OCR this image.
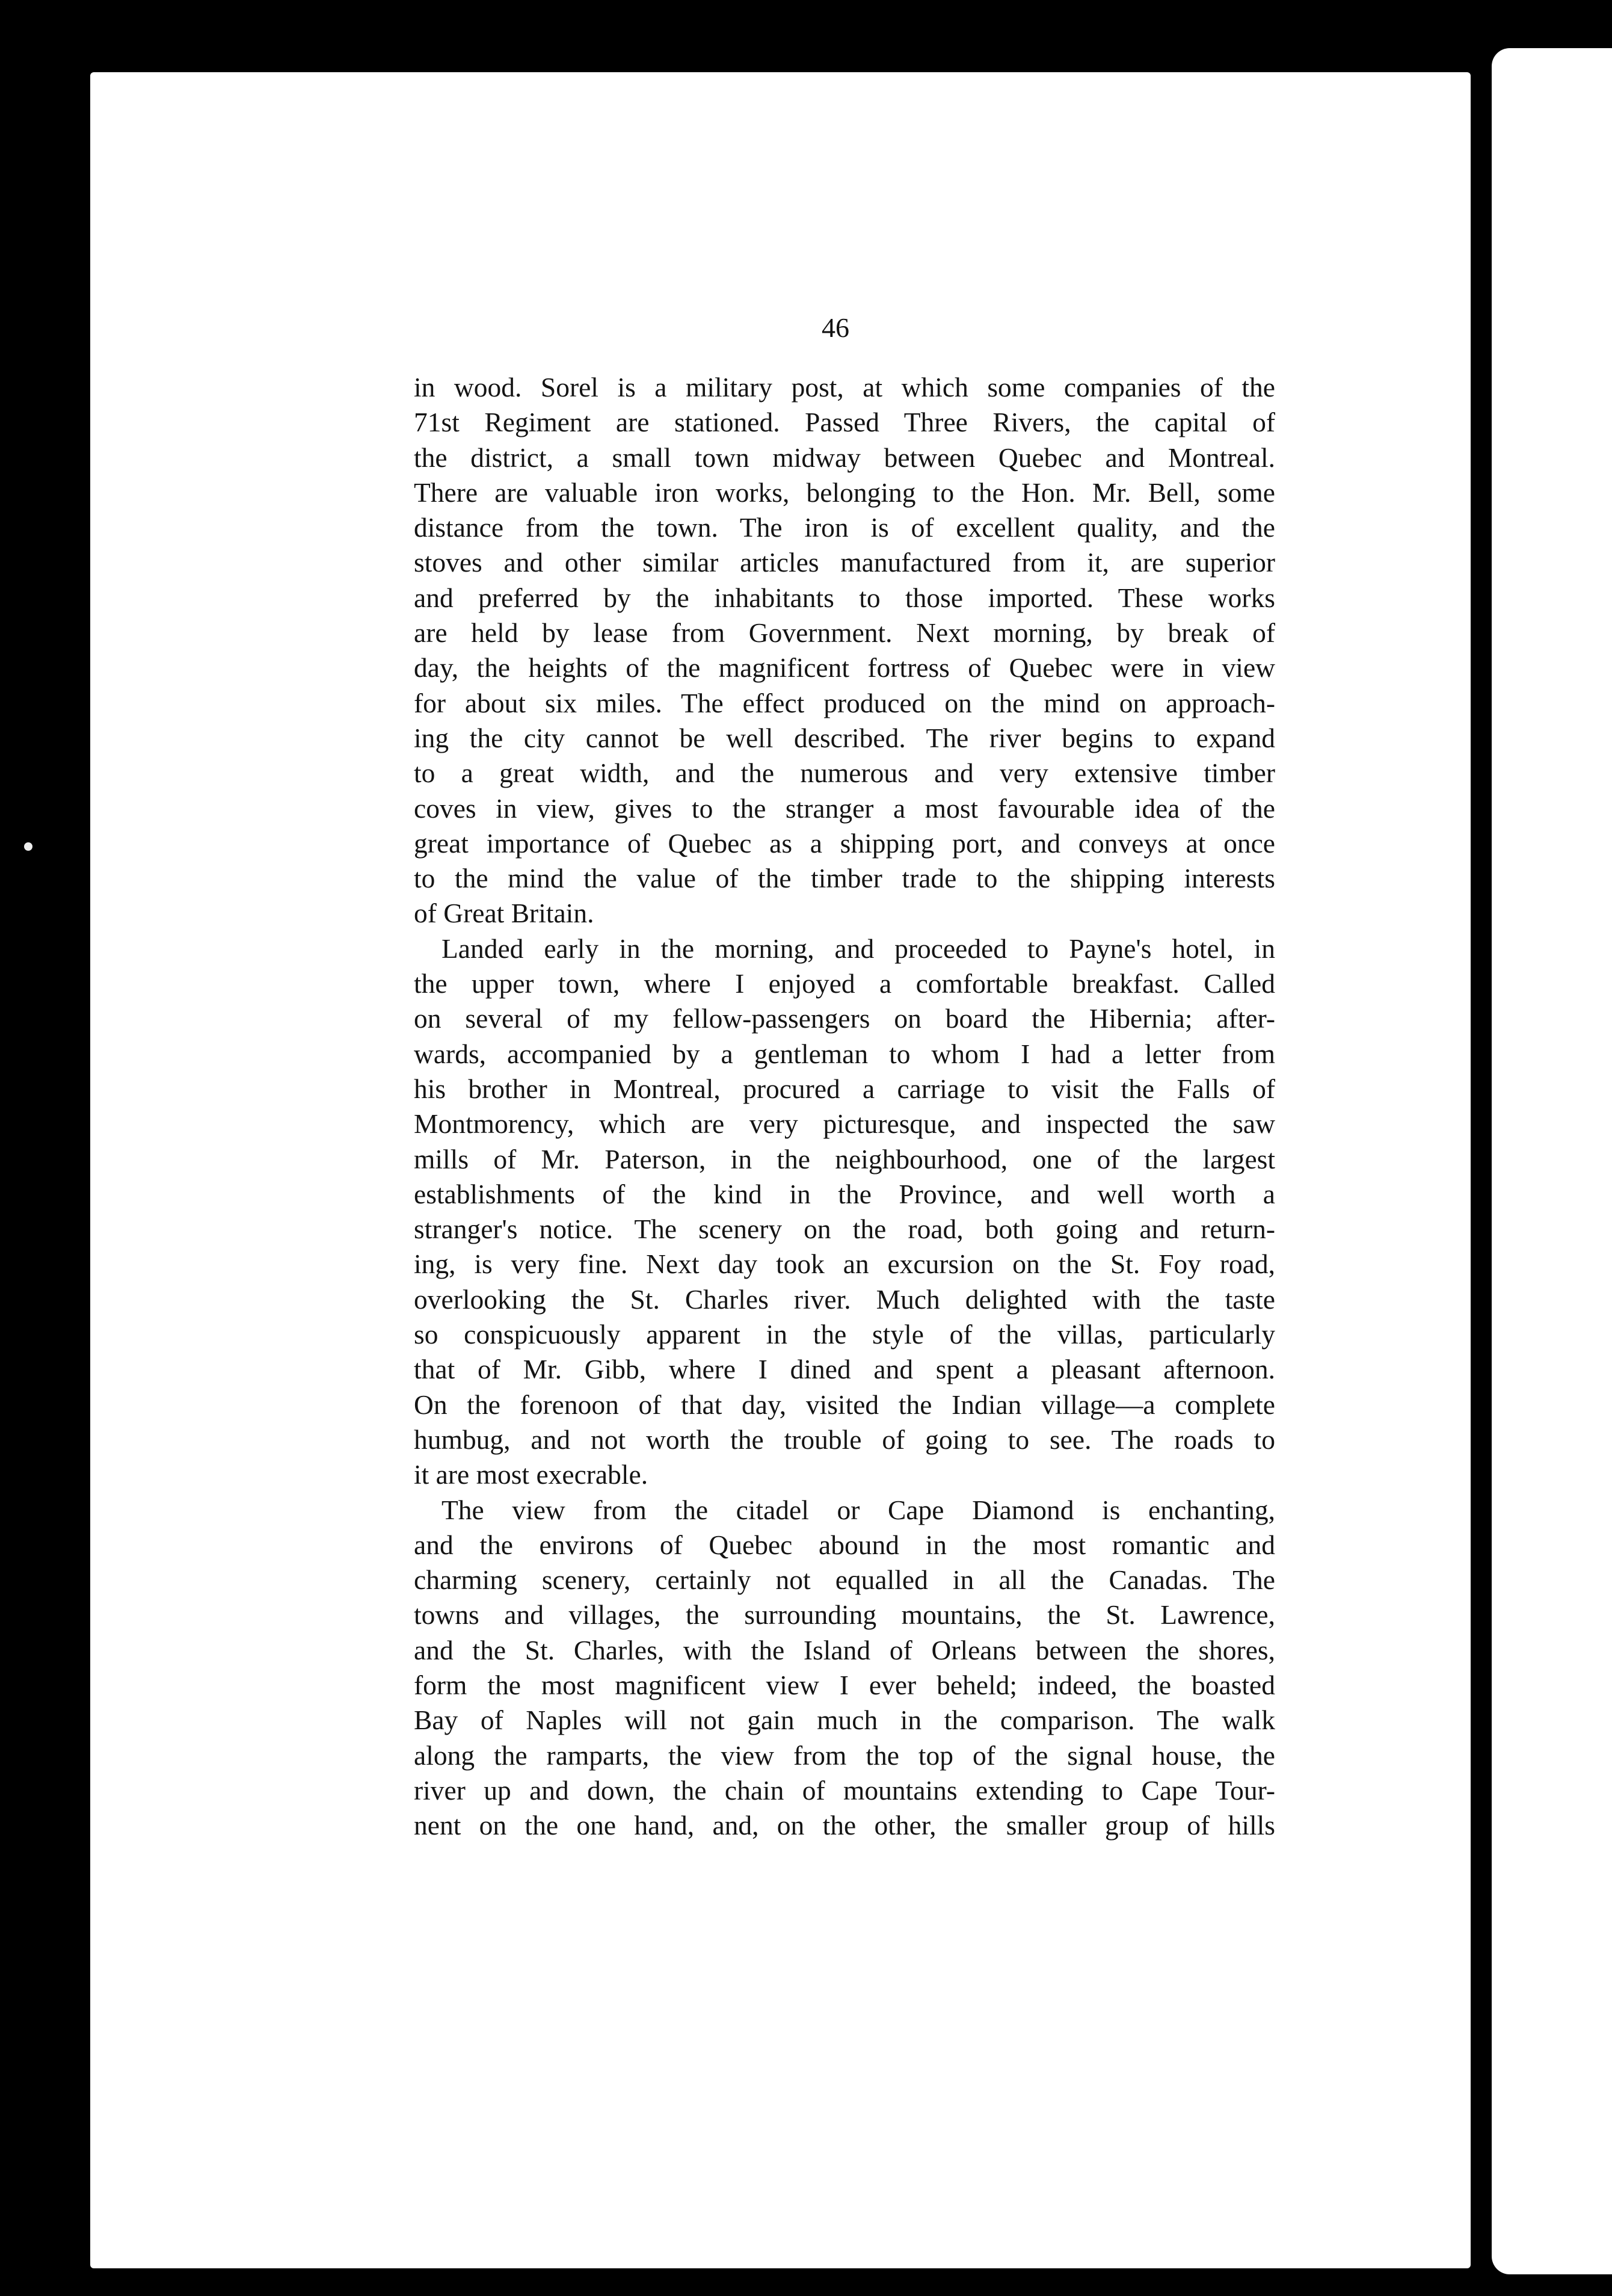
46
in wood. Sorel is a military post, at which some companies of the
71st Regiment are stationed. Passed Three Rivers, the capital of
the district, a small town midway between Quebec and Montreal.
There are valuable iron works, belonging to the Hon. Mr. Bell, some
distance from the town. The iron is of excellent quality, and the
stoves and other similar articles manufactured from it, are superior
and preferred by the inhabitants to those imported. These works
are held by lease from Government. Next morning, by break of
day, the heights of the magnificent fortress of Quebec were in view
for about six miles. The effect produced on the mind on approach-
ing the city cannot be well described. The river begins to expand
to a great width, and the numerous and very extensive timber
coves in view, gives to the stranger a most favourable idea of the
great importance of Quebec as a shipping port, and conveys at once
to the mind the value of the timber trade to the shipping interests
of Great Britain.
Landed early in the morning, and proceeded to Payne's hotel, in
the upper town, where I enjoyed a comfortable breakfast. Called
on several of my fellow-passengers on board the Hibernia; after-
wards, accompanied by a gentleman to whom I had a letter from
his brother in Montreal, procured a carriage to visit the Falls of
Montmorency, which are very picturesque, and inspected the saw
mills of Mr. Paterson, in the neighbourhood, one of the largest
establishments of the kind in the Province, and well worth a
stranger's notice. The scenery on the road, both going and return-
ing, is very fine. Next day took an excursion on the St. Foy road,
overlooking the St. Charles river. Much delighted with the taste
so conspicuously apparent in the style of the villas, particularly
that of Mr. Gibb, where I dined and spent a pleasant afternoon.
On the forenoon of that day, visited the Indian village—a complete
humbug, and not worth the trouble of going to see. The roads to
it are most execrable.
The view from the citadel or Cape Diamond is enchanting,
and the environs of Quebec abound in the most romantic and
charming scenery, certainly not equalled in all the Canadas. The
towns and villages, the surrounding mountains, the St. Lawrence,
and the St. Charles, with the Island of Orleans between the shores,
form the most magnificent view I ever beheld; indeed, the boasted
Bay of Naples will not gain much in the comparison. The walk
along the ramparts, the view from the top of the signal house, the
river up and down, the chain of mountains extending to Cape Tour-
nent on the one hand, and, on the other, the smaller group of hills
